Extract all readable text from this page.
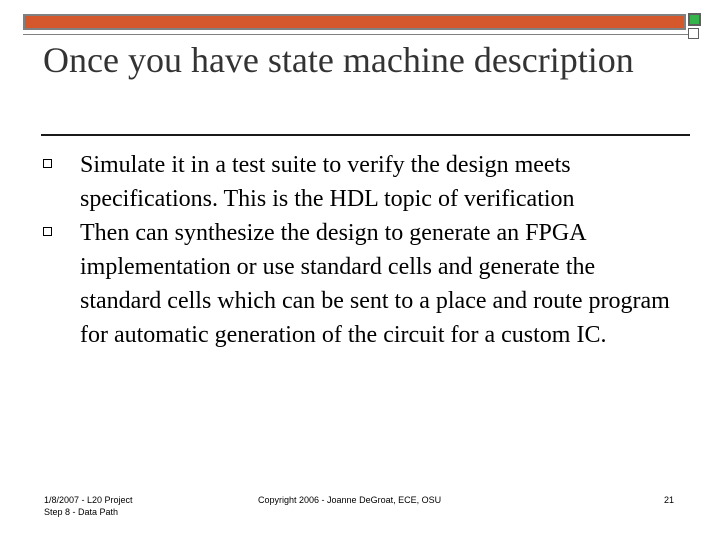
Once you have state machine description
Simulate it in a test suite to verify the design meets specifications. This is the HDL topic of verification
Then can synthesize the design to generate an FPGA implementation or use standard cells and generate the standard cells which can be sent to a place and route program for automatic generation of the circuit for a custom IC.
1/8/2007 - L20 Project
Step 8 - Data Path
Copyright 2006 - Joanne DeGroat, ECE, OSU	21
